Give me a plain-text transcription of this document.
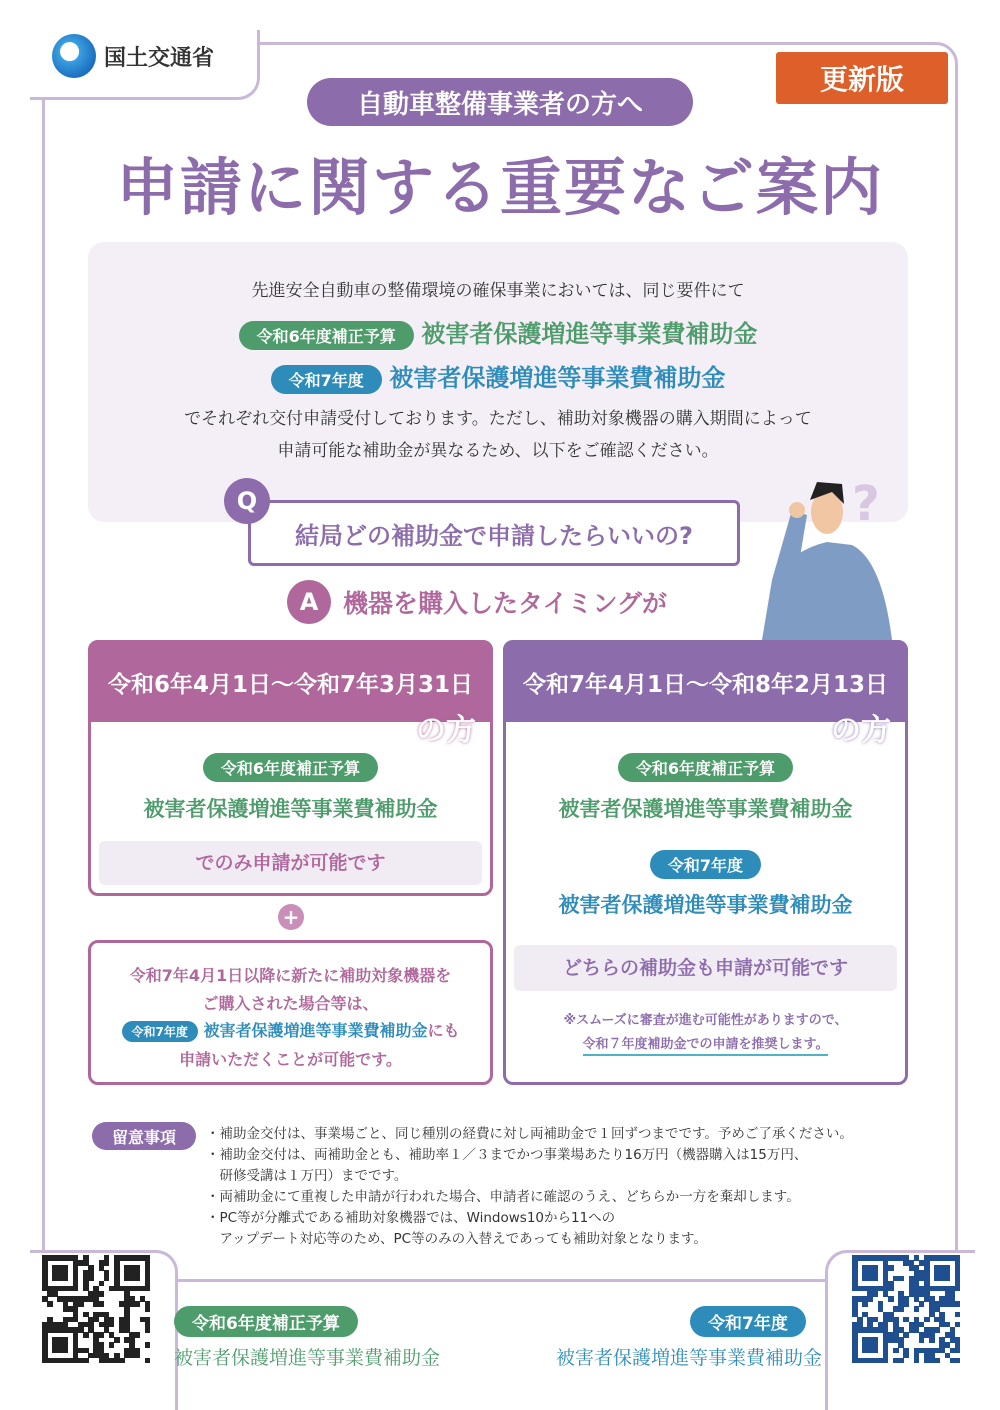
国土交通省
更新版
自動車整備事業者の方へ
申請に関する重要なご案内
先進安全自動車の整備環境の確保事業においては、同じ要件にて
令和6年度補正予算 被害者保護増進等事業費補助金
令和7年度 被害者保護増進等事業費補助金
でそれぞれ交付申請受付しております。ただし、補助対象機器の購入期間によって
申請可能な補助金が異なるため、以下をご確認ください。
結局どの補助金で申請したらいいの?
Q
A 機器を購入したタイミングが
?
令和6年4月1日〜令和7年3月31日
の方
令和6年度補正予算
被害者保護増進等事業費補助金
でのみ申請が可能です
+
令和7年4月1日以降に新たに補助対象機器を
ご購入された場合等は、
令和7年度 被害者保護増進等事業費補助金にも
申請いただくことが可能です。
令和7年4月1日〜令和8年2月13日
の方
令和6年度補正予算
被害者保護増進等事業費補助金
令和7年度
被害者保護増進等事業費補助金
どちらの補助金も申請が可能です
※スムーズに審査が進む可能性がありますので、
令和７年度補助金での申請を推奨します。
留意事項	・補助金交付は、事業場ごと、同じ種別の経費に対し両補助金で１回ずつまでです。予めご了承ください。
・補助金交付は、両補助金とも、補助率１／３までかつ事業場あたり16万円（機器購入は15万円、
　研修受講は１万円）までです。
・両補助金にて重複した申請が行われた場合、申請者に確認のうえ、どちらか一方を棄却します。
・PC等が分離式である補助対象機器では、Windows10から11への
　アップデート対応等のため、PC等のみの入替えであっても補助対象となります。
令和6年度補正予算
被害者保護増進等事業費補助金
令和7年度
被害者保護増進等事業費補助金
